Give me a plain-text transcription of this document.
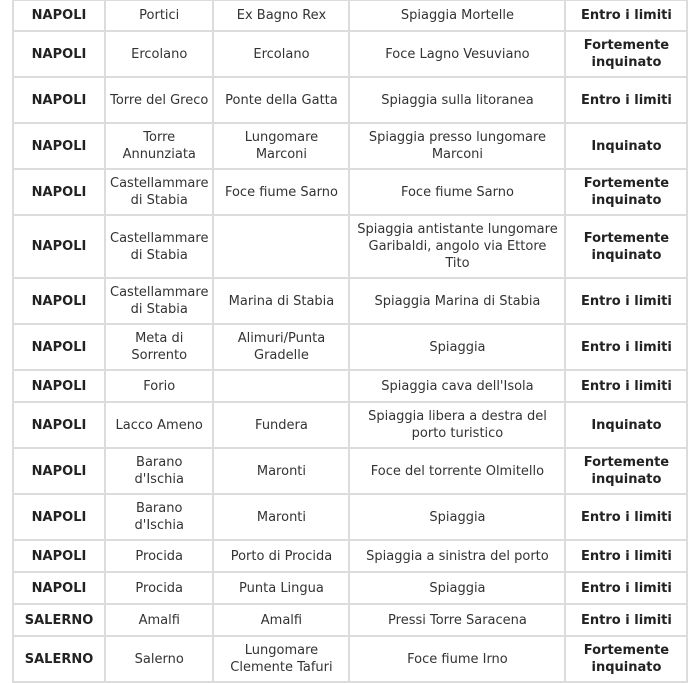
NAPOLI	Portici	Ex Bagno Rex	Spiaggia Mortelle	Entro i limiti
NAPOLI	Ercolano	Ercolano	Foce Lagno Vesuviano	Fortemente inquinato
NAPOLI	Torre del Greco	Ponte della Gatta	Spiaggia sulla litoranea	Entro i limiti
NAPOLI	Torre Annunziata	Lungomare Marconi	Spiaggia presso lungomare Marconi	Inquinato
NAPOLI	Castellammare di Stabia	Foce fiume Sarno	Foce fiume Sarno	Fortemente inquinato
NAPOLI	Castellammare di Stabia		Spiaggia antistante lungomare Garibaldi, angolo via Ettore Tito	Fortemente inquinato
NAPOLI	Castellammare di Stabia	Marina di Stabia	Spiaggia Marina di Stabia	Entro i limiti
NAPOLI	Meta di Sorrento	Alimuri/Punta Gradelle	Spiaggia	Entro i limiti
NAPOLI	Forio		Spiaggia cava dell'Isola	Entro i limiti
NAPOLI	Lacco Ameno	Fundera	Spiaggia libera a destra del porto turistico	Inquinato
NAPOLI	Barano d'Ischia	Maronti	Foce del torrente Olmitello	Fortemente inquinato
NAPOLI	Barano d'Ischia	Maronti	Spiaggia	Entro i limiti
NAPOLI	Procida	Porto di Procida	Spiaggia a sinistra del porto	Entro i limiti
NAPOLI	Procida	Punta Lingua	Spiaggia	Entro i limiti
SALERNO	Amalfi	Amalfi	Pressi Torre Saracena	Entro i limiti
SALERNO	Salerno	Lungomare Clemente Tafuri	Foce fiume Irno	Fortemente inquinato
